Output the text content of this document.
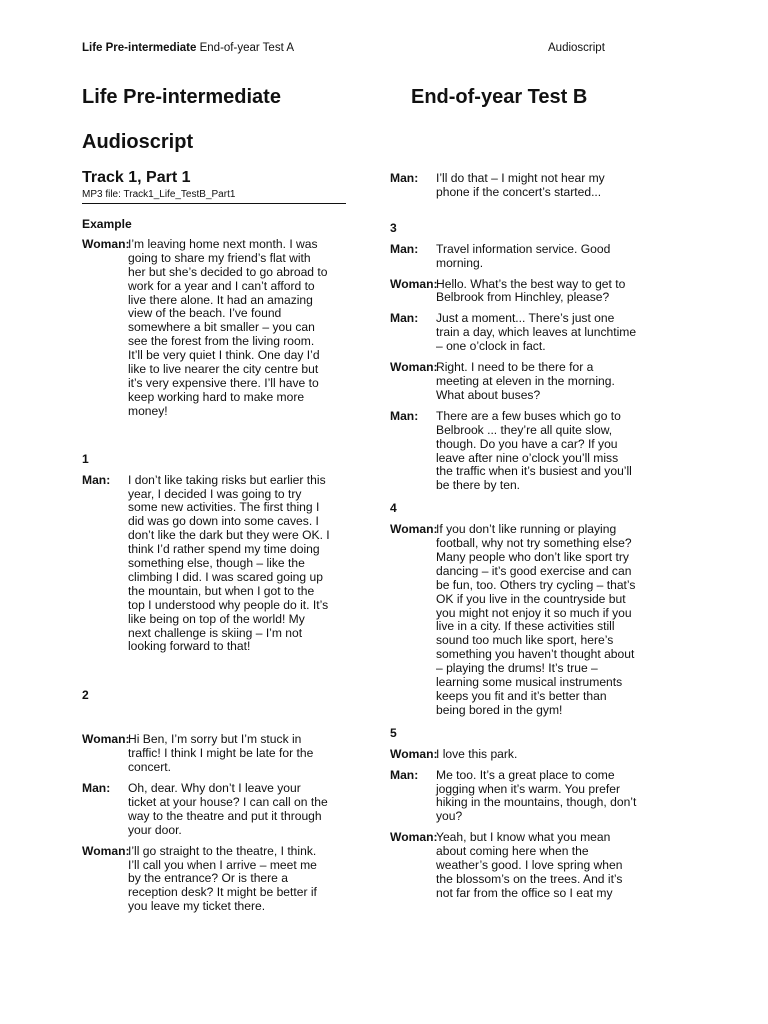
Life Pre-intermediate End-of-year Test A	Audioscript
Life Pre-intermediate	End-of-year Test B
Audioscript
Track 1, Part 1
MP3 file: Track1_Life_TestB_Part1
Example
Woman:
I’m leaving home next month. I was
going to share my friend’s flat with
her but she’s decided to go abroad to
work for a year and I can’t afford to
live there alone. It had an amazing
view of the beach. I’ve found
somewhere a bit smaller – you can
see the forest from the living room.
It’ll be very quiet I think. One day I’d
like to live nearer the city centre but
it’s very expensive there. I’ll have to
keep working hard to make more
money!
1
Man:	I don’t like taking risks but earlier this
year, I decided I was going to try
some new activities. The first thing I
did was go down into some caves. I
don’t like the dark but they were OK. I
think I’d rather spend my time doing
something else, though – like the
climbing I did. I was scared going up
the mountain, but when I got to the
top I understood why people do it. It’s
like being on top of the world! My
next challenge is skiing – I’m not
looking forward to that!
2
Woman:
Hi Ben, I’m sorry but I’m stuck in
traffic! I think I might be late for the
concert.
Man:	Oh, dear. Why don’t I leave your
ticket at your house? I can call on the
way to the theatre and put it through
your door.
Woman:
I’ll go straight to the theatre, I think.
I’ll call you when I arrive – meet me
by the entrance? Or is there a
reception desk? It might be better if
you leave my ticket there.
Man:	I’ll do that – I might not hear my
phone if the concert’s started...
3
Man:	Travel information service. Good
morning.
Woman:
Hello. What’s the best way to get to
Belbrook from Hinchley, please?
Man:	Just a moment... There’s just one
train a day, which leaves at lunchtime
– one o’clock in fact.
Woman:
Right. I need to be there for a
meeting at eleven in the morning.
What about buses?
Man:	There are a few buses which go to
Belbrook ... they’re all quite slow,
though. Do you have a car? If you
leave after nine o’clock you’ll miss
the traffic when it’s busiest and you’ll
be there by ten.
4
Woman:
If you don’t like running or playing
football, why not try something else?
Many people who don’t like sport try
dancing – it’s good exercise and can
be fun, too. Others try cycling – that’s
OK if you live in the countryside but
you might not enjoy it so much if you
live in a city. If these activities still
sound too much like sport, here’s
something you haven’t thought about
– playing the drums! It’s true –
learning some musical instruments
keeps you fit and it’s better than
being bored in the gym!
5
Woman:
I love this park.
Man:	Me too. It’s a great place to come
jogging when it’s warm. You prefer
hiking in the mountains, though, don’t
you?
Woman:
Yeah, but I know what you mean
about coming here when the
weather’s good. I love spring when
the blossom’s on the trees. And it’s
not far from the office so I eat my
